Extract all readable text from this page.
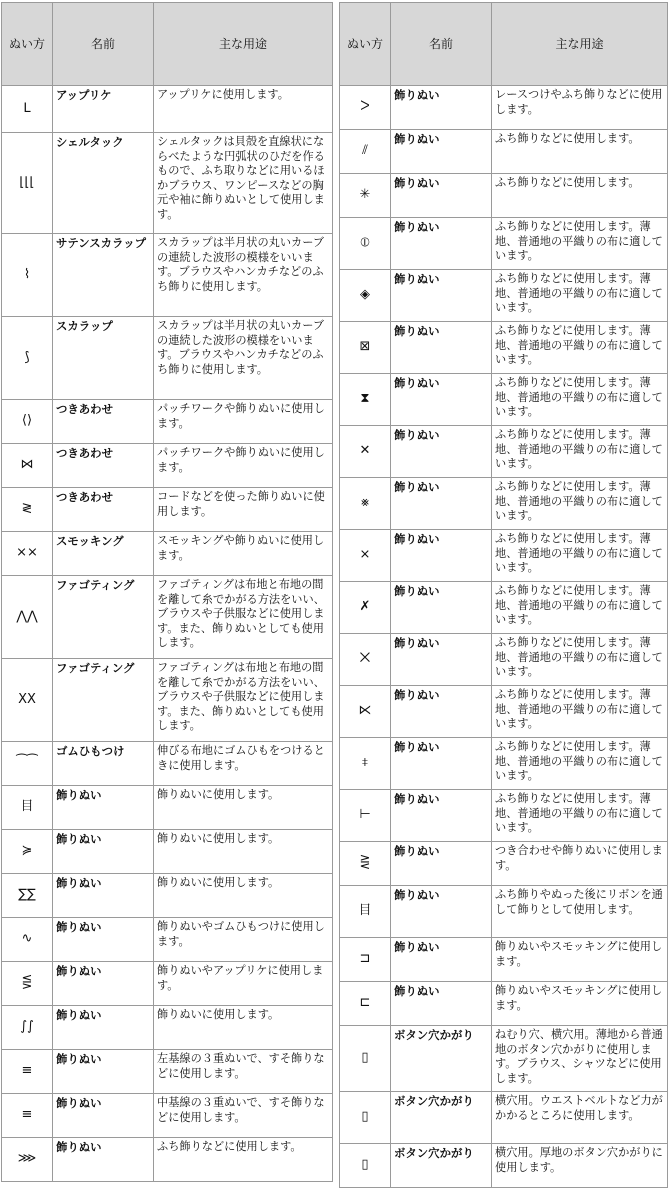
ぬい方	名前	主な用途
ᒪ	アップリケ	アップリケに使用します。
⌊⌊⌊	シェルタック	シェルタックは貝殻を直線状にならべたような円弧状のひだを作るもので、ふち取りなどに用いるほかブラウス、ワンピースなどの胸元や袖に飾りぬいとして使用します。
⌇	サテンスカラップ	スカラップは半月状の丸いカーブの連続した波形の模様をいいます。ブラウスやハンカチなどのふち飾りに使用します。
⟆	スカラップ	スカラップは半月状の丸いカーブの連続した波形の模様をいいます。ブラウスやハンカチなどのふち飾りに使用します。
⟨⟩	つきあわせ	パッチワークや飾りぬいに使用します。
⋈	つきあわせ	パッチワークや飾りぬいに使用します。
≷	つきあわせ	コードなどを使った飾りぬいに使用します。
⨯⨯	スモッキング	スモッキングや飾りぬいに使用します。
⋀⋀	ファゴティング	ファゴティングは布地と布地の間を離して糸でかがる方法をいい、ブラウスや子供服などに使用します。また、飾りぬいとしても使用します。
ⅩⅩ	ファゴティング	ファゴティングは布地と布地の間を離して糸でかがる方法をいい、ブラウスや子供服などに使用します。また、飾りぬいとしても使用します。
⁀⁀	ゴムひもつけ	伸びる布地にゴムひもをつけるときに使用します。
目	飾りぬい	飾りぬいに使用します。
≽	飾りぬい	飾りぬいに使用します。
∑∑	飾りぬい	飾りぬいに使用します。
∿	飾りぬい	飾りぬいやゴムひもつけに使用します。
⋚	飾りぬい	飾りぬいやアップリケに使用します。
∫∫	飾りぬい	飾りぬいに使用します。
≡	飾りぬい	左基線の３重ぬいで、すそ飾りなどに使用します。
≡	飾りぬい	中基線の３重ぬいで、すそ飾りなどに使用します。
⋙	飾りぬい	ふち飾りなどに使用します。
ぬい方	名前	主な用途
ᐳ	飾りぬい	レースつけやふち飾りなどに使用します。
⫽	飾りぬい	ふち飾りなどに使用します。
✳	飾りぬい	ふち飾りなどに使用します。
⦶	飾りぬい	ふち飾りなどに使用します。薄地、普通地の平織りの布に適しています。
◈	飾りぬい	ふち飾りなどに使用します。薄地、普通地の平織りの布に適しています。
⊠	飾りぬい	ふち飾りなどに使用します。薄地、普通地の平織りの布に適しています。
⧗	飾りぬい	ふち飾りなどに使用します。薄地、普通地の平織りの布に適しています。
✕	飾りぬい	ふち飾りなどに使用します。薄地、普通地の平織りの布に適しています。
⨳	飾りぬい	ふち飾りなどに使用します。薄地、普通地の平織りの布に適しています。
⨯	飾りぬい	ふち飾りなどに使用します。薄地、普通地の平織りの布に適しています。
✗	飾りぬい	ふち飾りなどに使用します。薄地、普通地の平織りの布に適しています。
⨉	飾りぬい	ふち飾りなどに使用します。薄地、普通地の平織りの布に適しています。
⋉	飾りぬい	ふち飾りなどに使用します。薄地、普通地の平織りの布に適しています。
⧧	飾りぬい	ふち飾りなどに使用します。薄地、普通地の平織りの布に適しています。
⊢	飾りぬい	ふち飾りなどに使用します。薄地、普通地の平織りの布に適しています。
⋛	飾りぬい	つき合わせや飾りぬいに使用します。
目	飾りぬい	ふち飾りやぬった後にリボンを通して飾りとして使用します。
⊐	飾りぬい	飾りぬいやスモッキングに使用します。
⊏	飾りぬい	飾りぬいやスモッキングに使用します。
▯	ボタン穴かがり	ねむり穴、横穴用。薄地から普通地のボタン穴かがりに使用します。ブラウス、シャツなどに使用します。
▯	ボタン穴かがり	横穴用。ウエストベルトなど力がかかるところに使用します。
▯	ボタン穴かがり	横穴用。厚地のボタン穴かがりに使用します。
